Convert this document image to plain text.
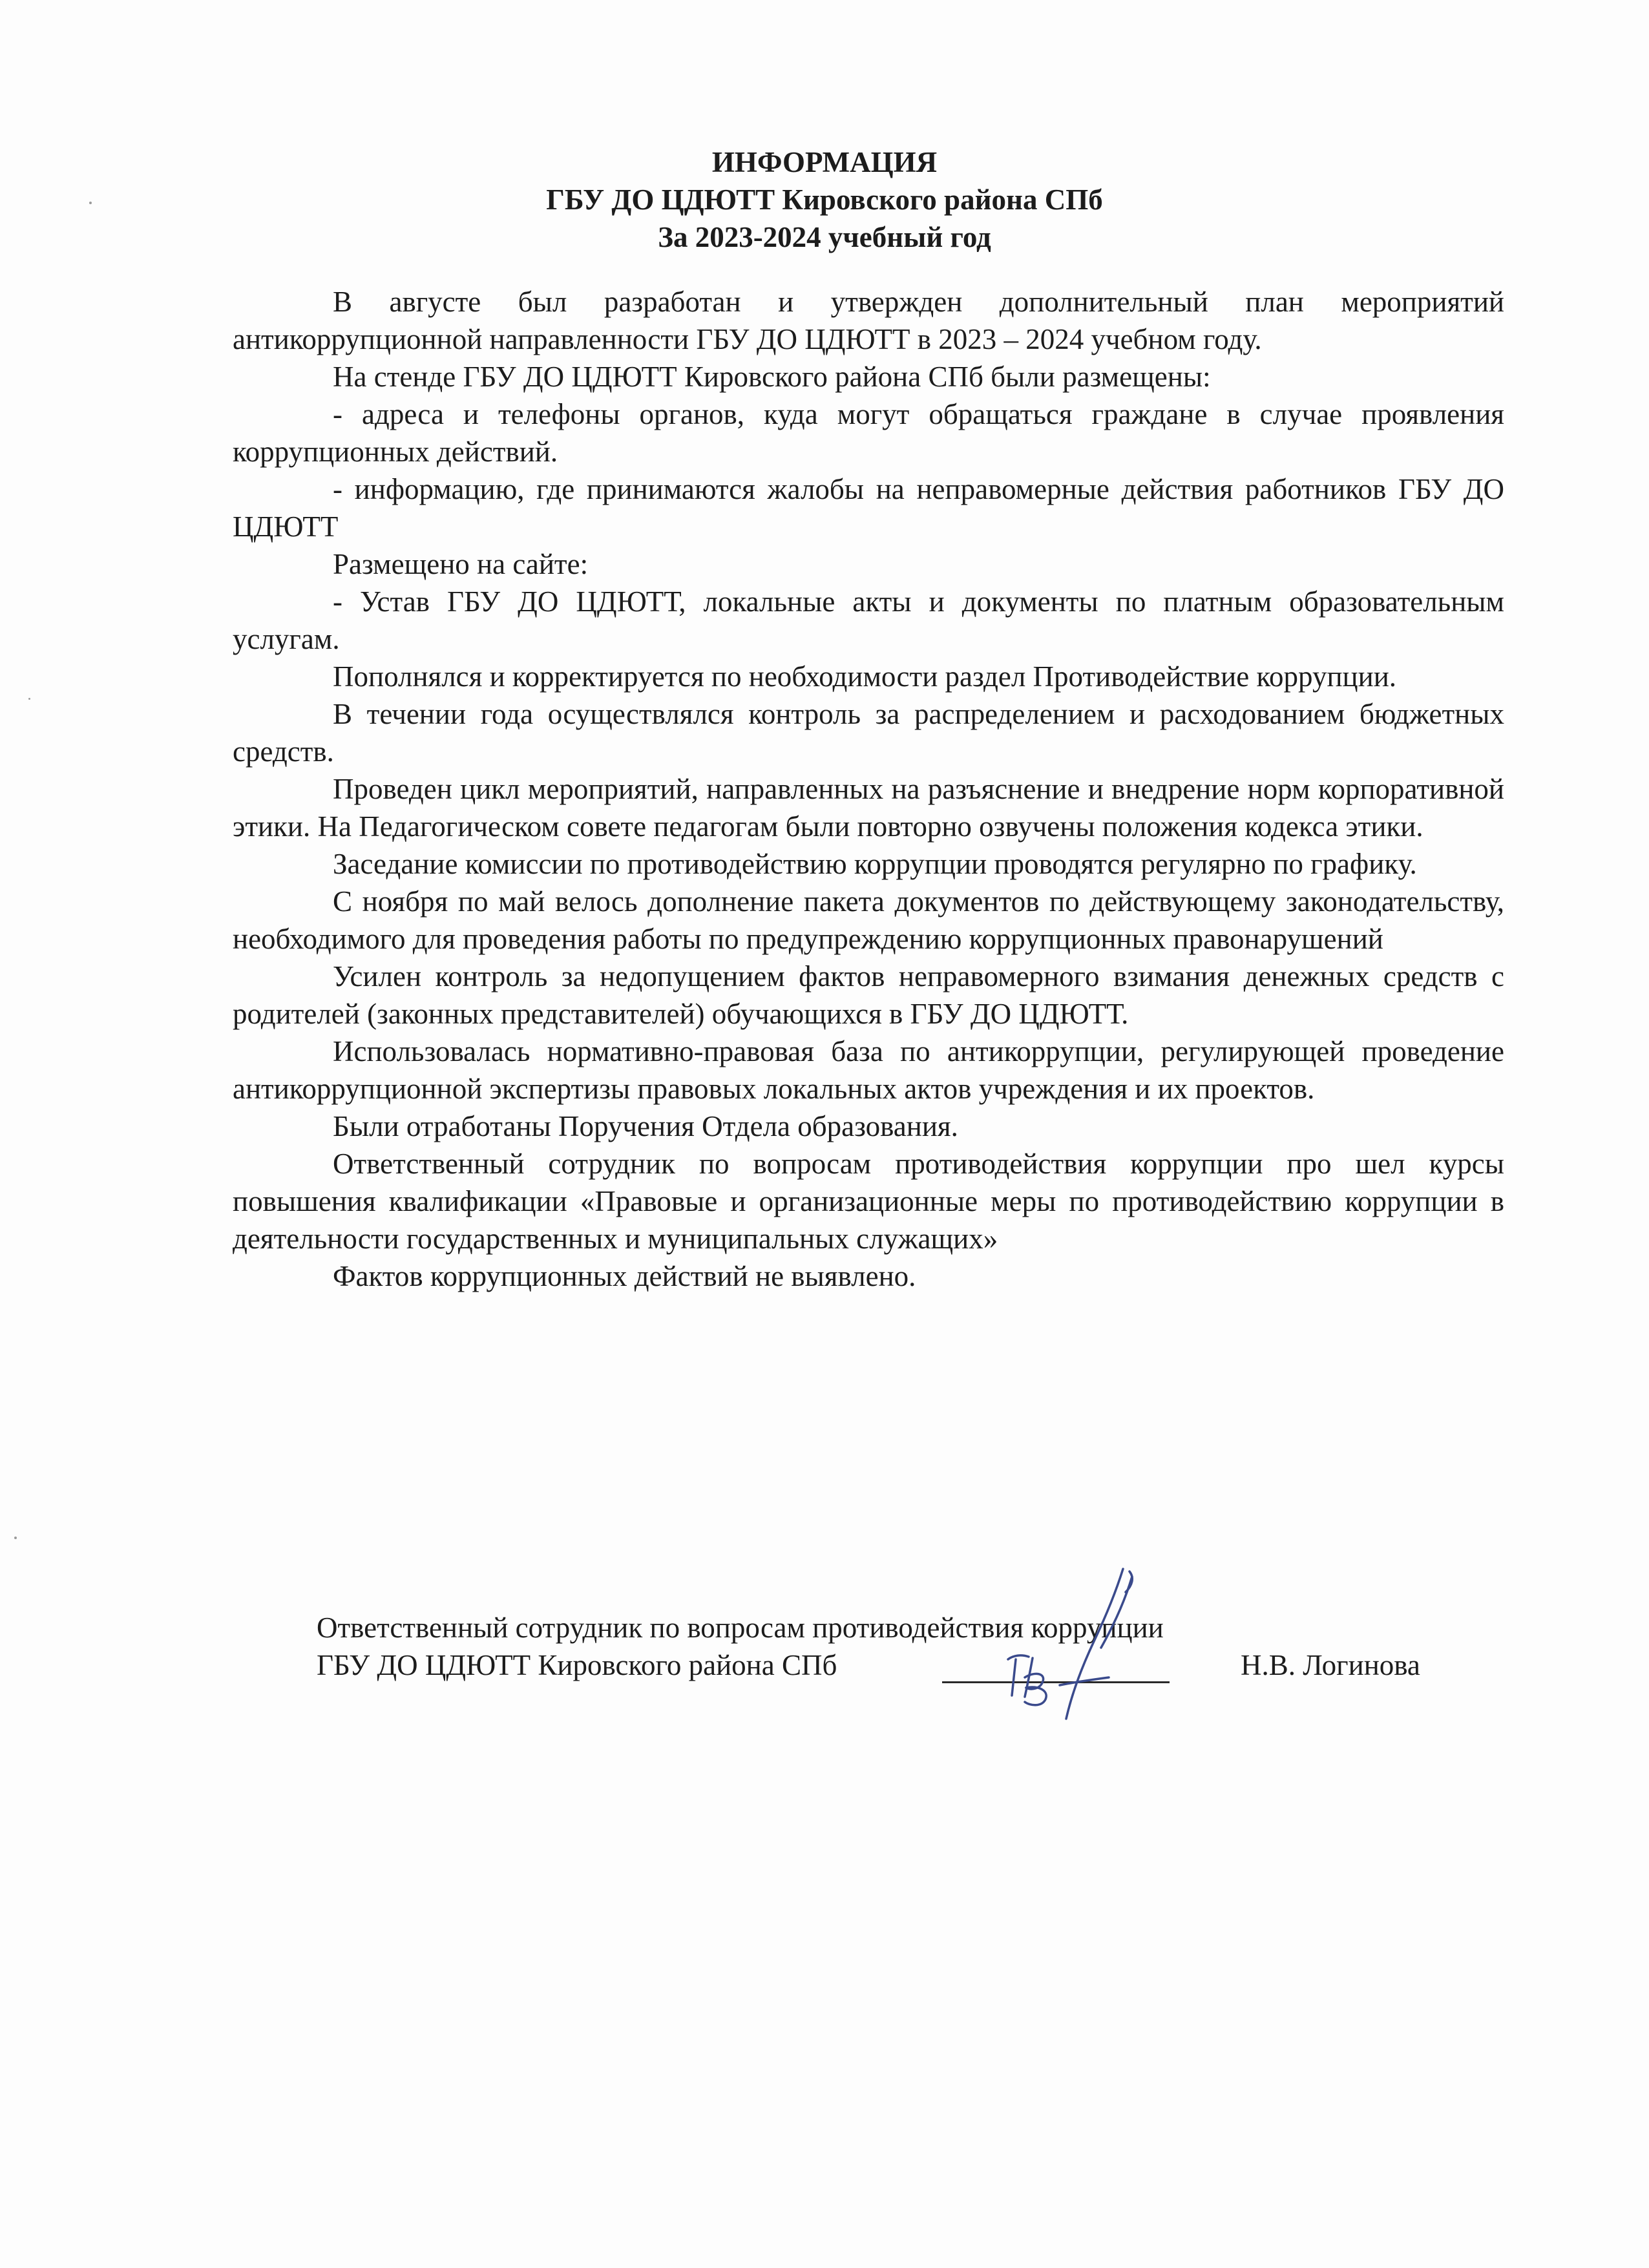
ИНФОРМАЦИЯ
ГБУ ДО ЦДЮТТ Кировского района СПб
За 2023-2024 учебный год

В августе был разработан и утвержден дополнительный план мероприятий антикоррупционной направленности ГБУ ДО ЦДЮТТ в 2023 – 2024 учебном году.

На стенде ГБУ ДО ЦДЮТТ Кировского района СПб были размещены:

- адреса и телефоны органов, куда могут обращаться граждане в случае проявления коррупционных действий.

- информацию, где принимаются жалобы на неправомерные действия работников ГБУ ДО ЦДЮТТ

Размещено на сайте:

- Устав ГБУ ДО ЦДЮТТ, локальные акты и документы по платным образовательным услугам.

Пополнялся и корректируется по необходимости раздел Противодействие коррупции.

В течении года осуществлялся контроль за распределением и расходованием бюджетных средств.

Проведен цикл мероприятий, направленных на разъяснение и внедрение норм корпоративной этики. На Педагогическом совете педагогам были повторно озвучены положения кодекса этики.

Заседание комиссии по противодействию коррупции проводятся регулярно по графику.

С ноября по май велось дополнение пакета документов по действующему законодательству, необходимого для проведения работы по предупреждению коррупционных правонарушений

Усилен контроль за недопущением фактов неправомерного взимания денежных средств с родителей (законных представителей) обучающихся в ГБУ ДО ЦДЮТТ.

Использовалась нормативно-правовая база по антикоррупции, регулирующей проведение антикоррупционной экспертизы правовых локальных актов учреждения и их проектов.

Были отработаны Поручения Отдела образования.

Ответственный сотрудник по вопросам противодействия коррупции про шел курсы повышения квалификации «Правовые и организационные меры по противодействию коррупции в деятельности государственных и муниципальных служащих»

Фактов коррупционных действий не выявлено.

Ответственный сотрудник по вопросам противодействия коррупции
ГБУ ДО ЦДЮТТ Кировского района СПб	Н.В. Логинова
